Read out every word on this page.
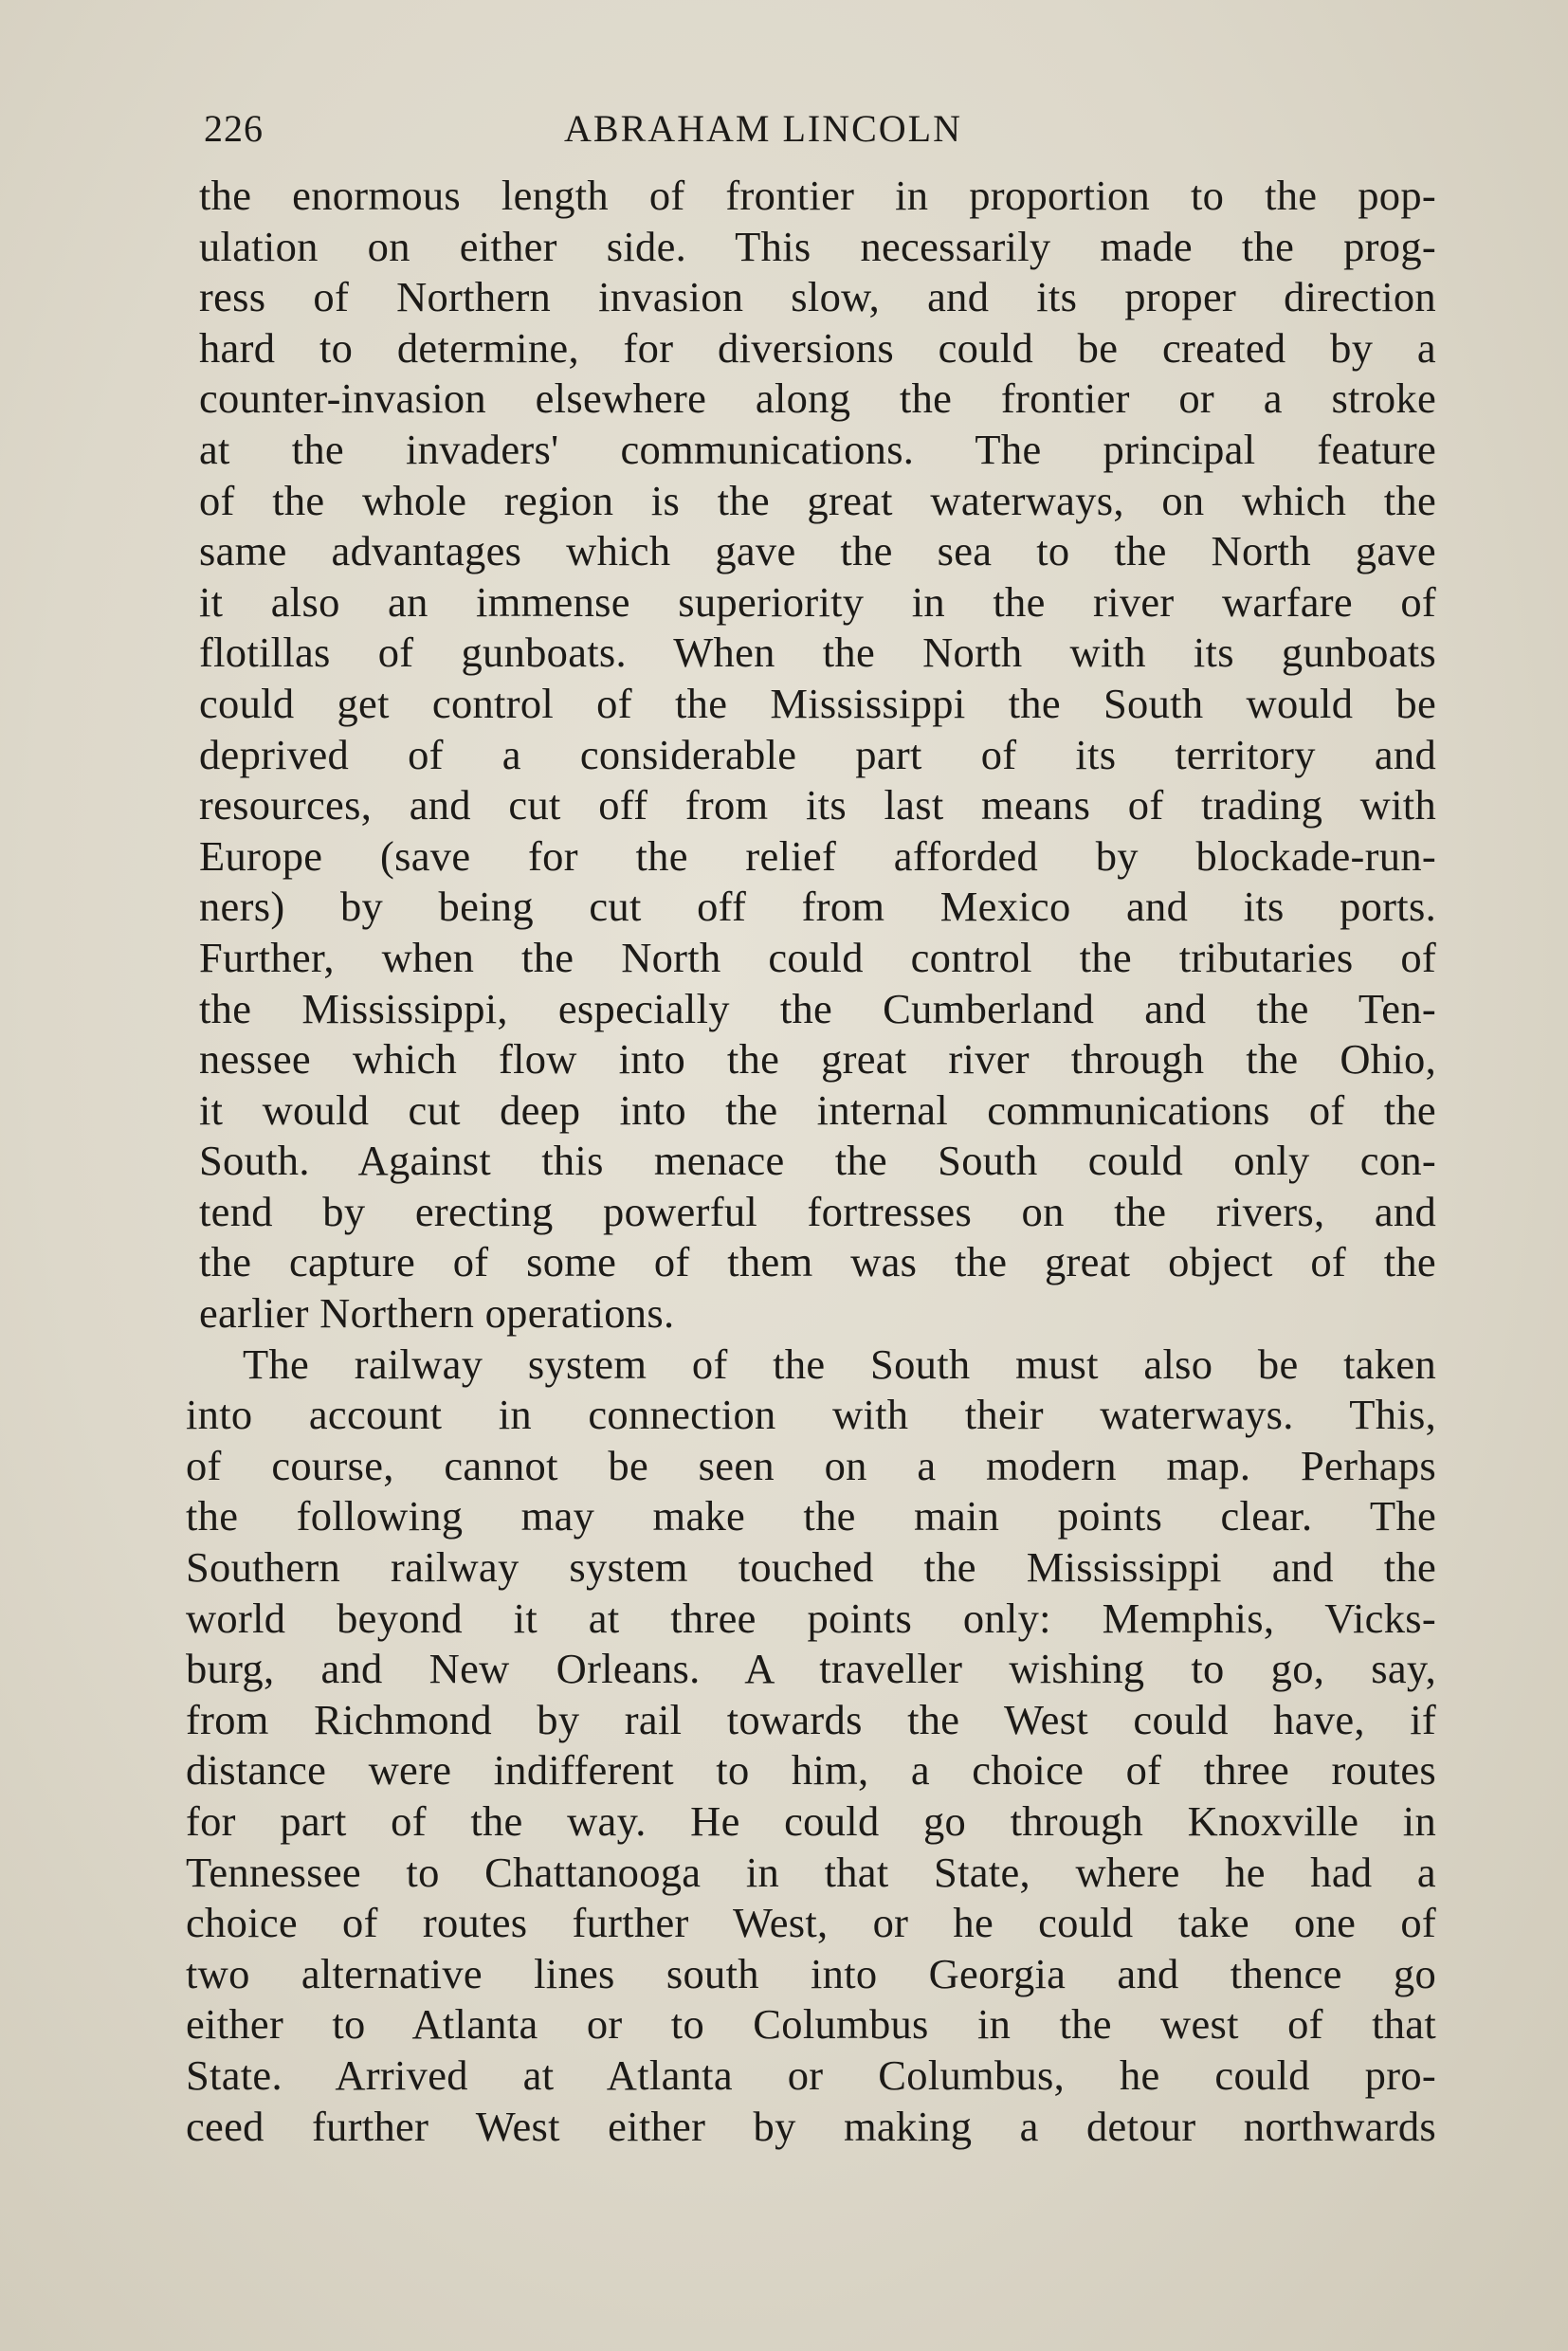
226	ABRAHAM LINCOLN
the enormous length of frontier in proportion to the pop-
ulation on either side. This necessarily made the prog-
ress of Northern invasion slow, and its proper direction
hard to determine, for diversions could be created by a
counter-invasion elsewhere along the frontier or a stroke
at the invaders' communications. The principal feature
of the whole region is the great waterways, on which the
same advantages which gave the sea to the North gave
it also an immense superiority in the river warfare of
flotillas of gunboats. When the North with its gunboats
could get control of the Mississippi the South would be
deprived of a considerable part of its territory and
resources, and cut off from its last means of trading with
Europe (save for the relief afforded by blockade-run-
ners) by being cut off from Mexico and its ports.
Further, when the North could control the tributaries of
the Mississippi, especially the Cumberland and the Ten-
nessee which flow into the great river through the Ohio,
it would cut deep into the internal communications of the
South. Against this menace the South could only con-
tend by erecting powerful fortresses on the rivers, and
the capture of some of them was the great object of the
earlier Northern operations.
The railway system of the South must also be taken
into account in connection with their waterways. This,
of course, cannot be seen on a modern map. Perhaps
the following may make the main points clear. The
Southern railway system touched the Mississippi and the
world beyond it at three points only: Memphis, Vicks-
burg, and New Orleans. A traveller wishing to go, say,
from Richmond by rail towards the West could have, if
distance were indifferent to him, a choice of three routes
for part of the way. He could go through Knoxville in
Tennessee to Chattanooga in that State, where he had a
choice of routes further West, or he could take one of
two alternative lines south into Georgia and thence go
either to Atlanta or to Columbus in the west of that
State. Arrived at Atlanta or Columbus, he could pro-
ceed further West either by making a detour northwards
